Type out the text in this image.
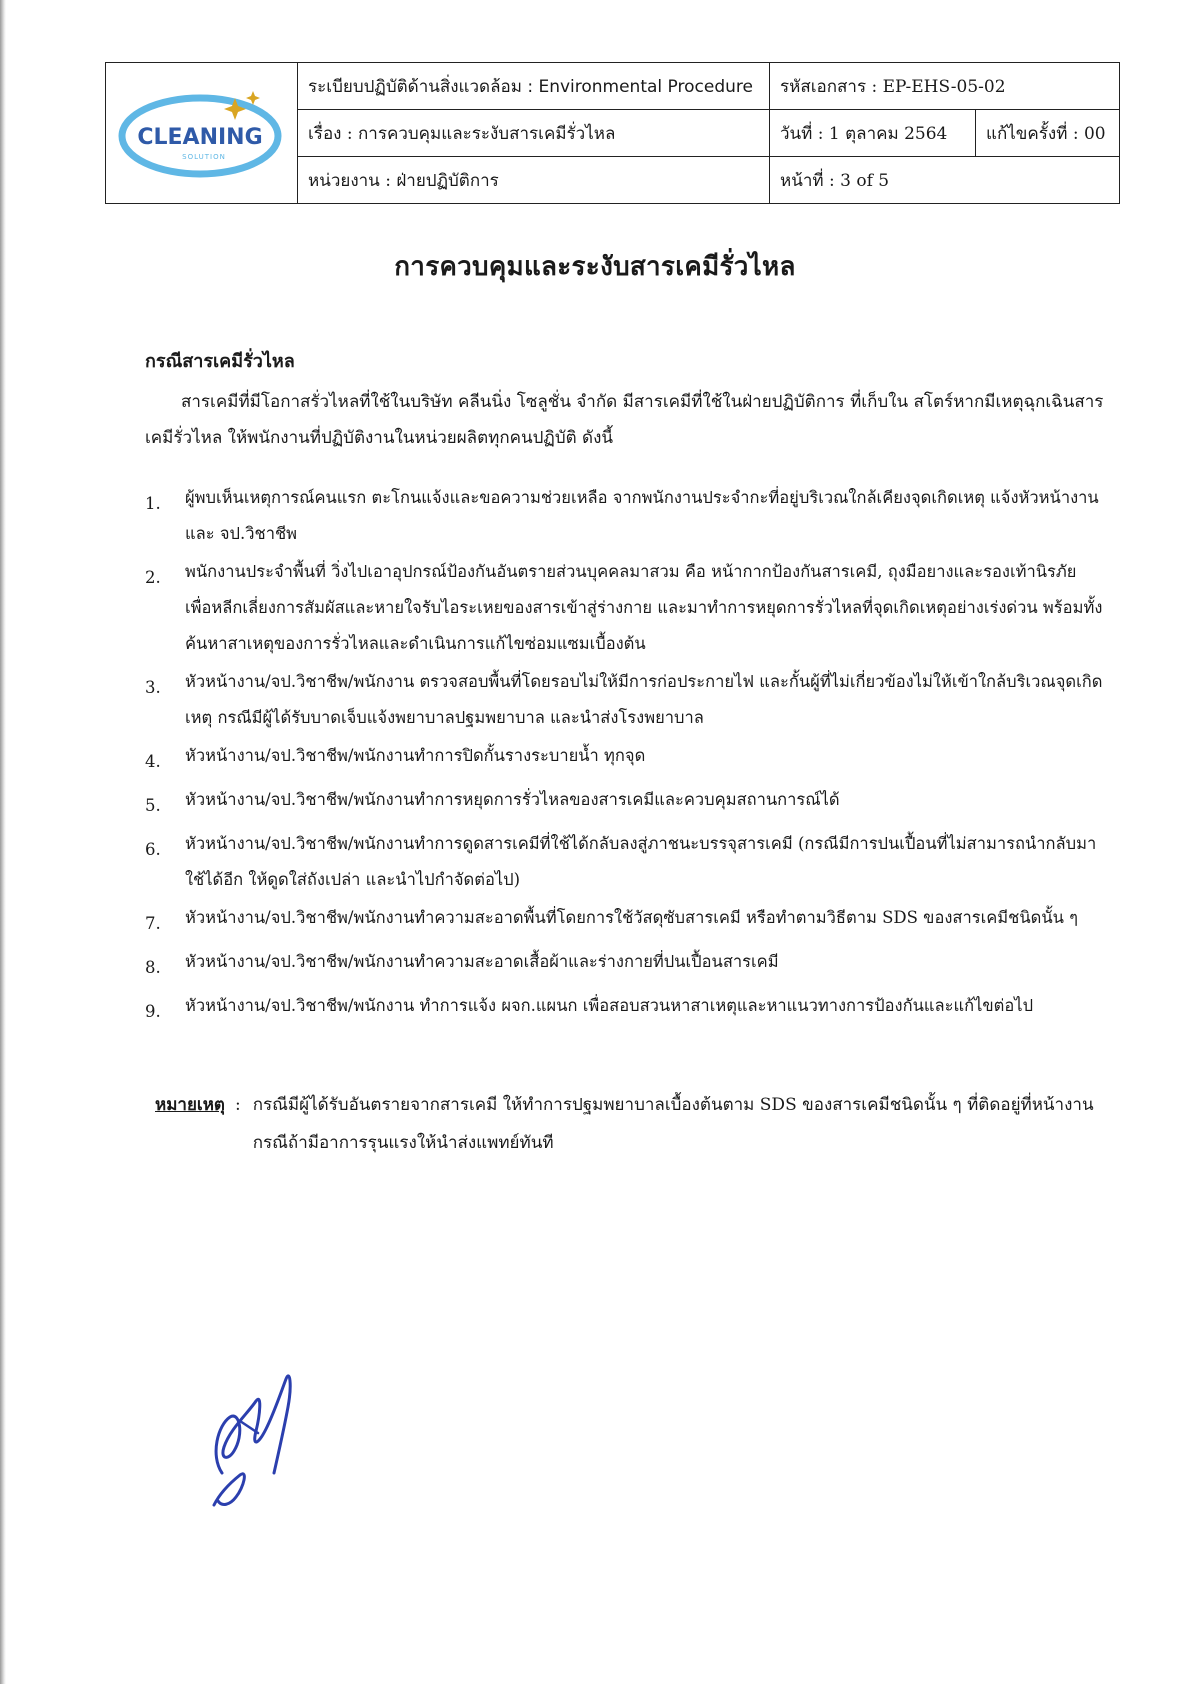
CLEANING
SOLUTION	ระเบียบปฏิบัติด้านสิ่งแวดล้อม : Environmental Procedure	รหัสเอกสาร : EP-EHS-05-02	
	เรื่อง : การควบคุมและระงับสารเคมีรั่วไหล	วันที่ : 1 ตุลาคม 2564	แก้ไขครั้งที่ : 00
	หน่วยงาน : ฝ่ายปฏิบัติการ	หน้าที่ : 3 of 5	
การควบคุมและระงับสารเคมีรั่วไหล
กรณีสารเคมีรั่วไหล

สารเคมีที่มีโอกาสรั่วไหลที่ใช้ในบริษัท คลีนนิ่ง โซลูชั่น จำกัด มีสารเคมีที่ใช้ในฝ่ายปฏิบัติการ ที่เก็บใน สโตร์หากมีเหตุฉุกเฉินสารเคมีรั่วไหล ให้พนักงานที่ปฏิบัติงานในหน่วยผลิตทุกคนปฏิบัติ ดังนี้

1.	ผู้พบเห็นเหตุการณ์คนแรก ตะโกนแจ้งและขอความช่วยเหลือ จากพนักงานประจำกะที่อยู่บริเวณใกล้เคียงจุดเกิดเหตุ แจ้งหัวหน้างาน และ จป.วิชาชีพ
2.	พนักงานประจำพื้นที่ วิ่งไปเอาอุปกรณ์ป้องกันอันตรายส่วนบุคคลมาสวม คือ หน้ากากป้องกันสารเคมี, ถุงมือยางและรองเท้านิรภัย เพื่อหลีกเลี่ยงการสัมผัสและหายใจรับไอระเหยของสารเข้าสู่ร่างกาย และมาทำการหยุดการรั่วไหลที่จุดเกิดเหตุอย่างเร่งด่วน พร้อมทั้งค้นหาสาเหตุของการรั่วไหลและดำเนินการแก้ไขซ่อมแซมเบื้องต้น
3.	หัวหน้างาน/จป.วิชาชีพ/พนักงาน ตรวจสอบพื้นที่โดยรอบไม่ให้มีการก่อประกายไฟ และกั้นผู้ที่ไม่เกี่ยวข้องไม่ให้เข้าใกล้บริเวณจุดเกิดเหตุ กรณีมีผู้ได้รับบาดเจ็บแจ้งพยาบาลปฐมพยาบาล และนำส่งโรงพยาบาล
4.	หัวหน้างาน/จป.วิชาชีพ/พนักงานทำการปิดกั้นรางระบายน้ำ ทุกจุด
5.	หัวหน้างาน/จป.วิชาชีพ/พนักงานทำการหยุดการรั่วไหลของสารเคมีและควบคุมสถานการณ์ได้
6.	หัวหน้างาน/จป.วิชาชีพ/พนักงานทำการดูดสารเคมีที่ใช้ได้กลับลงสู่ภาชนะบรรจุสารเคมี (กรณีมีการปนเปื้อนที่ไม่สามารถนำกลับมาใช้ได้อีก ให้ดูดใส่ถังเปล่า และนำไปกำจัดต่อไป)
7.	หัวหน้างาน/จป.วิชาชีพ/พนักงานทำความสะอาดพื้นที่โดยการใช้วัสดุซับสารเคมี หรือทำตามวิธีตาม SDS ของสารเคมีชนิดนั้น ๆ
8.	หัวหน้างาน/จป.วิชาชีพ/พนักงานทำความสะอาดเสื้อผ้าและร่างกายที่ปนเปื้อนสารเคมี
9.	หัวหน้างาน/จป.วิชาชีพ/พนักงาน ทำการแจ้ง ผจก.แผนก เพื่อสอบสวนหาสาเหตุและหาแนวทางการป้องกันและแก้ไขต่อไป
หมายเหตุ : กรณีมีผู้ได้รับอันตรายจากสารเคมี ให้ทำการปฐมพยาบาลเบื้องต้นตาม SDS ของสารเคมีชนิดนั้น ๆ ที่ติดอยู่ที่หน้างาน กรณีถ้ามีอาการรุนแรงให้นำส่งแพทย์ทันที
